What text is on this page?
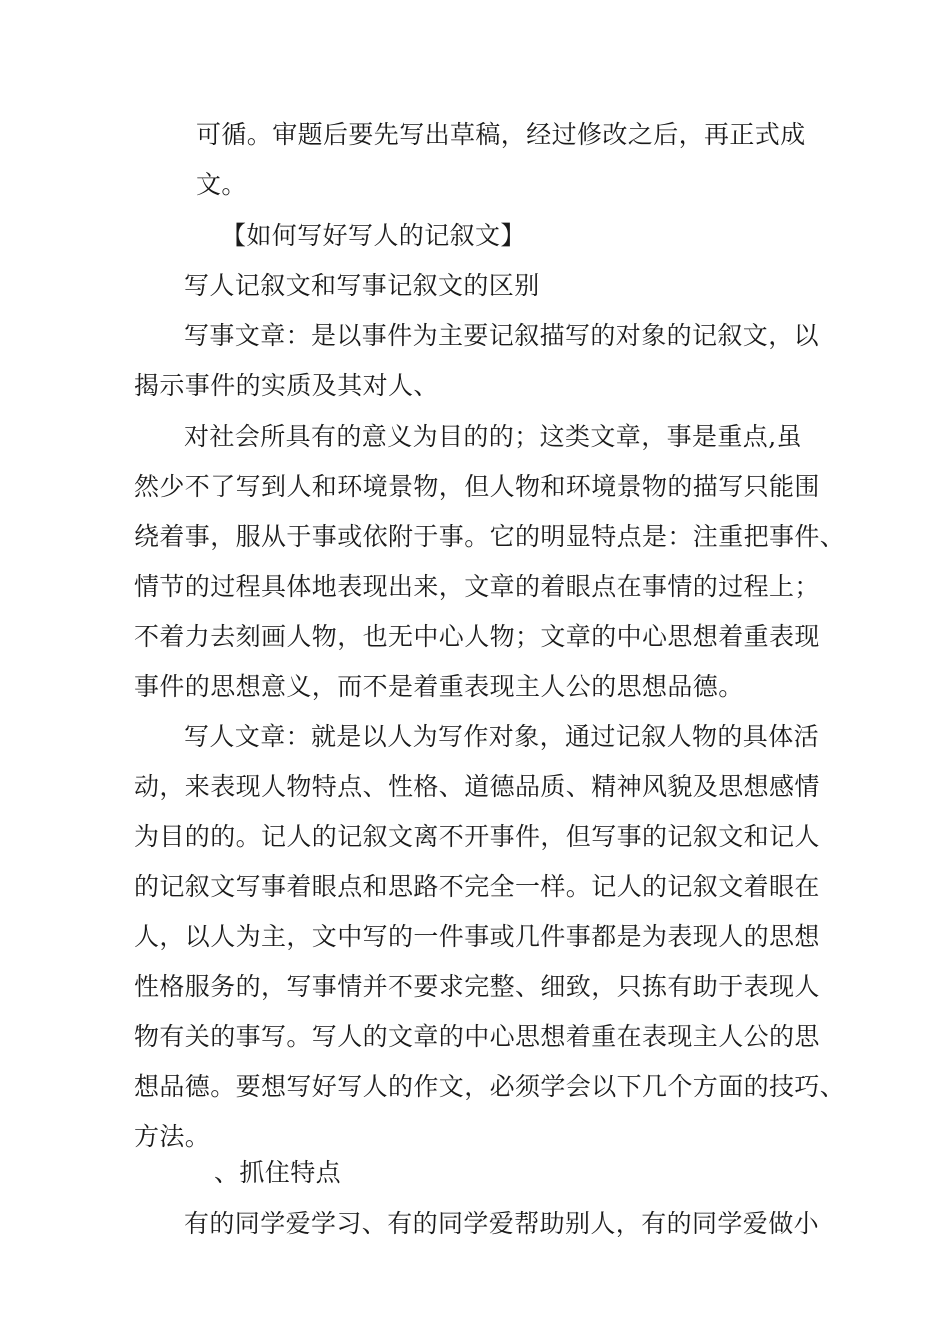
可循。审题后要先写出草稿，经过修改之后，再正式成
文。
【如何写好写人的记叙文】
写人记叙文和写事记叙文的区别
写事文章：是以事件为主要记叙描写的对象的记叙文，以
揭示事件的实质及其对人、
对社会所具有的意义为目的的；这类文章，事是重点,虽
然少不了写到人和环境景物，但人物和环境景物的描写只能围
绕着事，服从于事或依附于事。它的明显特点是：注重把事件、
情节的过程具体地表现出来，文章的着眼点在事情的过程上；
不着力去刻画人物，也无中心人物；文章的中心思想着重表现
事件的思想意义，而不是着重表现主人公的思想品德。
写人文章：就是以人为写作对象，通过记叙人物的具体活
动，来表现人物特点、性格、道德品质、精神风貌及思想感情
为目的的。记人的记叙文离不开事件，但写事的记叙文和记人
的记叙文写事着眼点和思路不完全一样。记人的记叙文着眼在
人，以人为主，文中写的一件事或几件事都是为表现人的思想
性格服务的，写事情并不要求完整、细致，只拣有助于表现人
物有关的事写。写人的文章的中心思想着重在表现主人公的思
想品德。要想写好写人的作文，必须学会以下几个方面的技巧、
方法。
、抓住特点
有的同学爱学习、有的同学爱帮助别人，有的同学爱做小
